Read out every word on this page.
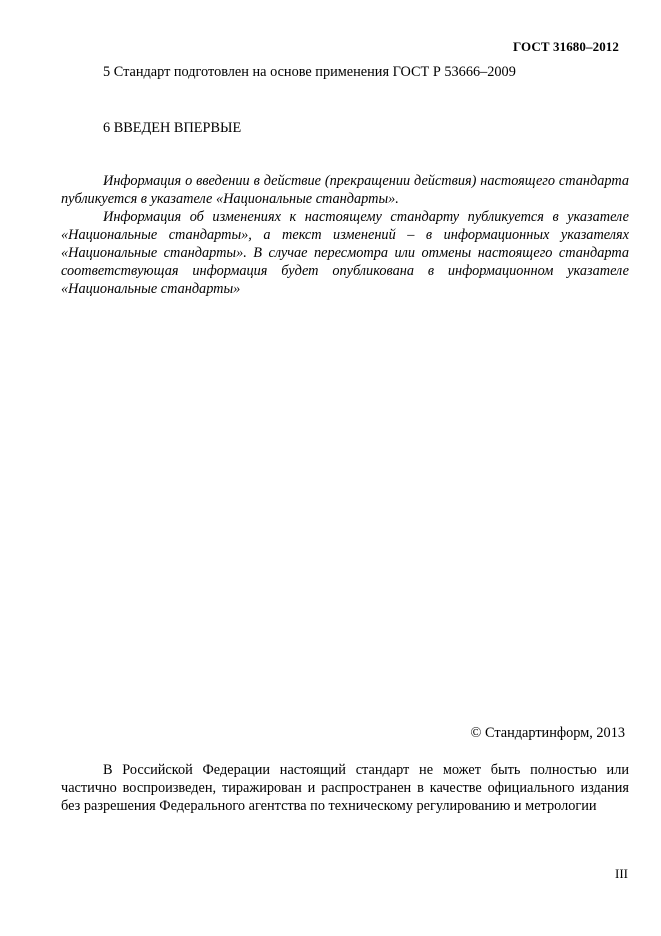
ГОСТ 31680–2012
5 Стандарт подготовлен на основе применения ГОСТ Р 53666–2009
6 ВВЕДЕН ВПЕРВЫЕ
Информация о введении в действие (прекращении действия) настоящего стандарта публикуется в указателе «Национальные стандарты».
Информация об изменениях к настоящему стандарту публикуется в указателе «Национальные стандарты», а текст изменений – в информационных указателях «Национальные стандарты». В случае пересмотра или отмены настоящего стандарта соответствующая информация будет опубликована в информационном указателе «Национальные стандарты»
© Стандартинформ, 2013
В Российской Федерации настоящий стандарт не может быть полностью или частично воспроизведен, тиражирован и распространен в качестве официального издания без разрешения Федерального агентства по техническому регулированию и метрологии
III
